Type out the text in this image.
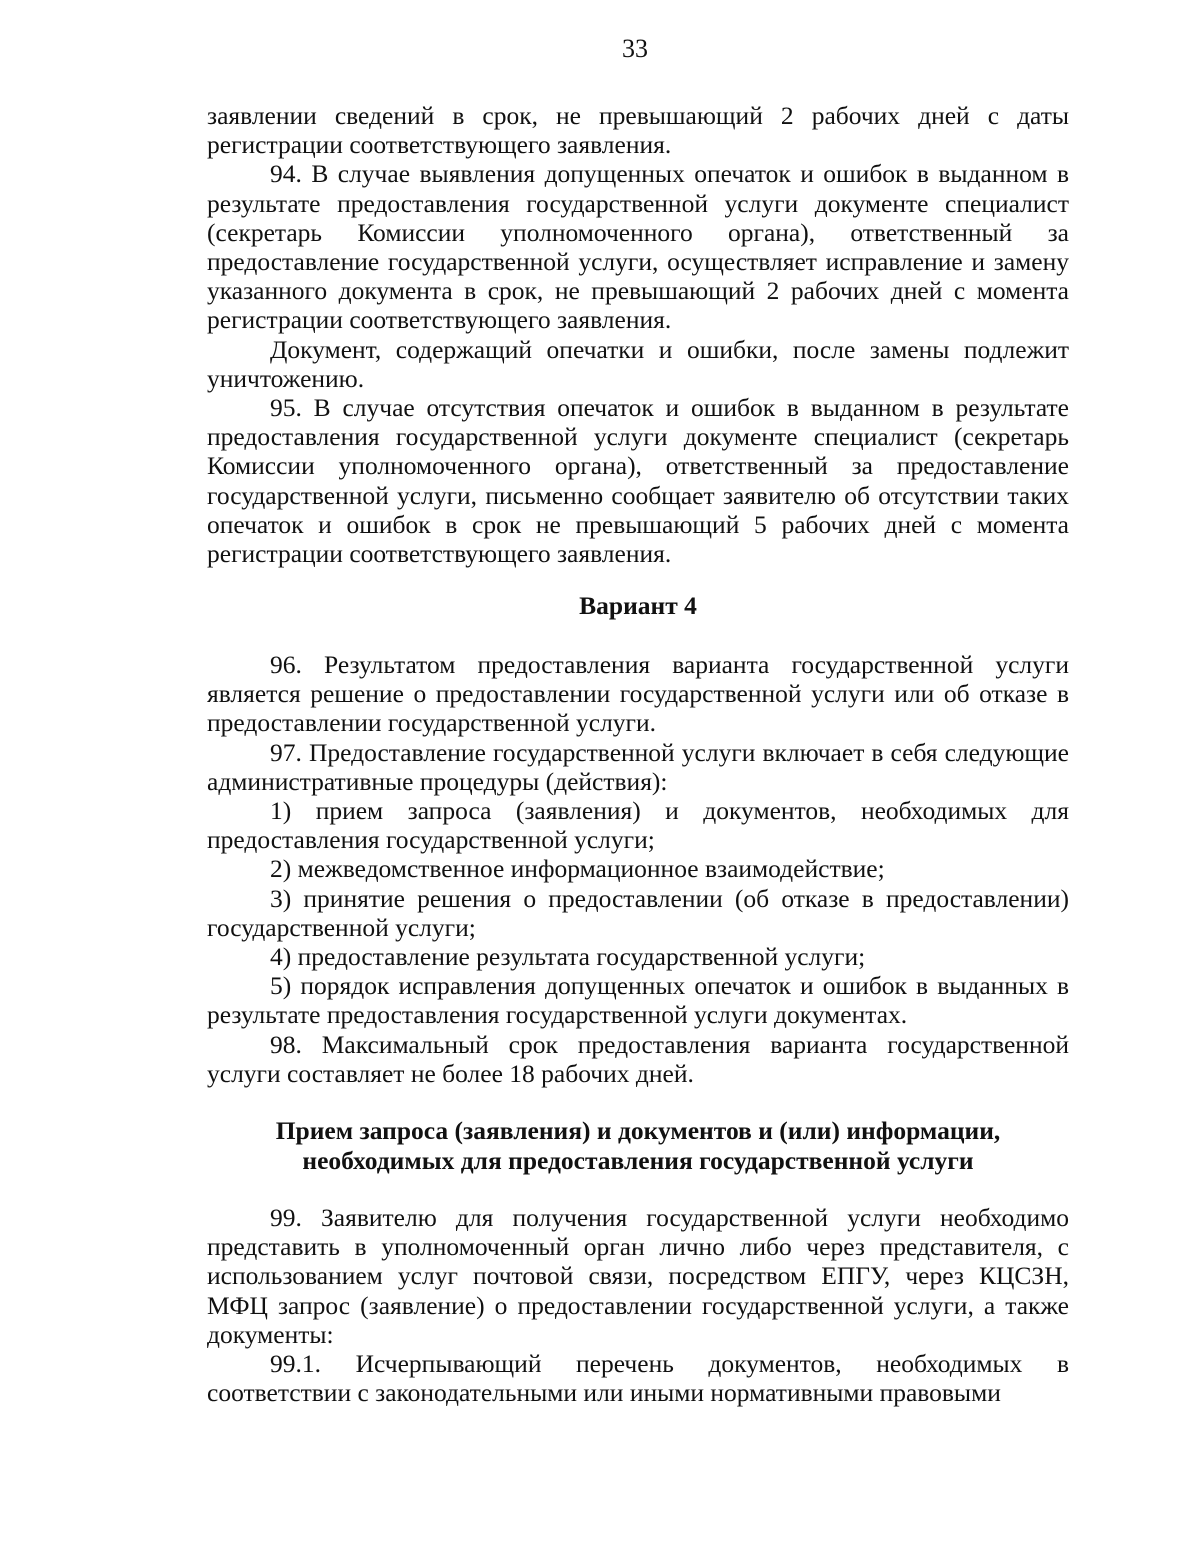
33

заявлении сведений в срок, не превышающий 2 рабочих дней с даты регистрации соответствующего заявления.

94. В случае выявления допущенных опечаток и ошибок в выданном в результате предоставления государственной услуги документе специалист (секретарь Комиссии уполномоченного органа), ответственный за предоставление государственной услуги, осуществляет исправление и замену указанного документа в срок, не превышающий 2 рабочих дней с момента регистрации соответствующего заявления.

Документ, содержащий опечатки и ошибки, после замены подлежит уничтожению.

95. В случае отсутствия опечаток и ошибок в выданном в результате предоставления государственной услуги документе специалист (секретарь Комиссии уполномоченного органа), ответственный за предоставление государственной услуги, письменно сообщает заявителю об отсутствии таких опечаток и ошибок в срок не превышающий 5 рабочих дней с момента регистрации соответствующего заявления.

Вариант 4

96. Результатом предоставления варианта государственной услуги является решение о предоставлении государственной услуги или об отказе в предоставлении государственной услуги.

97. Предоставление государственной услуги включает в себя следующие административные процедуры (действия):

1) прием запроса (заявления) и документов, необходимых для предоставления государственной услуги;

2) межведомственное информационное взаимодействие;

3) принятие решения о предоставлении (об отказе в предоставлении) государственной услуги;

4) предоставление результата государственной услуги;

5) порядок исправления допущенных опечаток и ошибок в выданных в результате предоставления государственной услуги документах.

98. Максимальный срок предоставления варианта государственной услуги составляет не более 18 рабочих дней.

Прием запроса (заявления) и документов и (или) информации,
необходимых для предоставления государственной услуги

99. Заявителю для получения государственной услуги необходимо представить в уполномоченный орган лично либо через представителя, с использованием услуг почтовой связи, посредством ЕПГУ, через КЦСЗН, МФЦ запрос (заявление) о предоставлении государственной услуги, а также документы:

99.1. Исчерпывающий перечень документов, необходимых в соответствии с законодательными или иными нормативными правовыми
